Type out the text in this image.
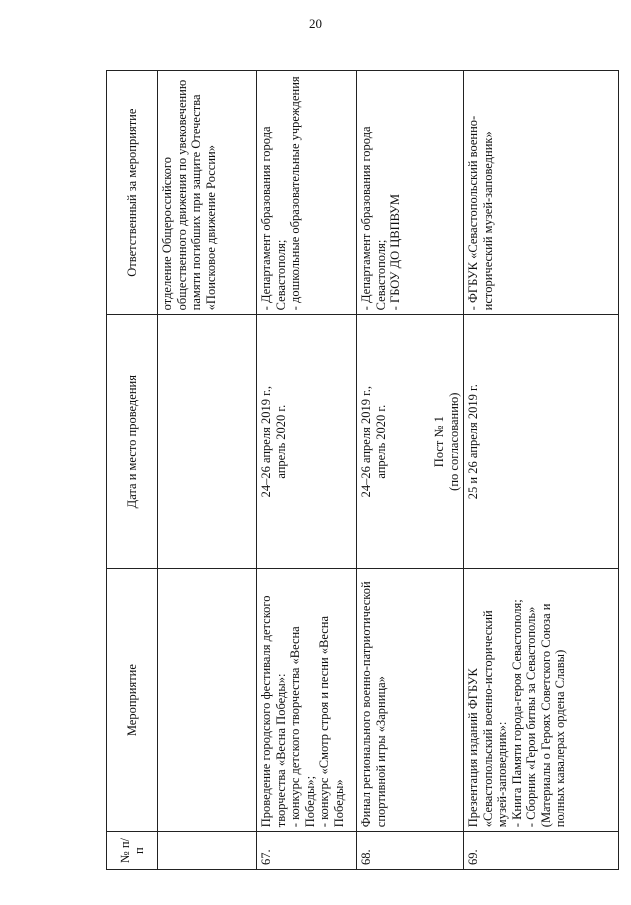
20
№ п/п	Мероприятие	Дата и место проведения	Ответственный за мероприятие
			отделение Общероссийского общественного движения по увековечению памяти погибших при защите Отечества «Поисковое движение России»
67.	Проведение городского фестиваля детского творчества «Весна Победы»: - конкурс детского творчества «Весна Победы»; - конкурс «Смотр строя и песни «Весна Победы»	24–26 апреля 2019 г., апрель 2020 г.	- Департамент образования города Севастополя; - дошкольные образовательные учреждения

68.	Финал регионального военно-патриотической спортивной игры «Зарница»	24–26 апреля 2019 г., апрель 2020 г. Пост № 1 (по согласованию)	- Департамент образования города Севастополя; - ГБОУ ДО ЦВПВУМ

69.	Презентация изданий ФГБУК «Севастопольский военно-исторический музей-заповедник»: - Книга Памяти города-героя Севастополя; - Сборник «Герои битвы за Севастополь» (Материалы о Героях Советского Союза и полных кавалерах ордена Славы)	25 и 26 апреля 2019 г.	- ФГБУК «Севастопольский военно-исторический музей-заповедник»
